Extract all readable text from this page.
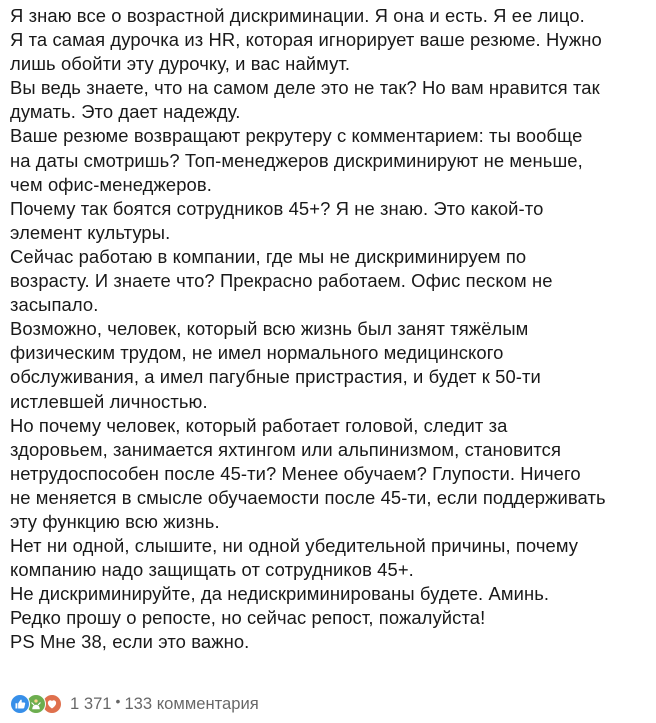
Я знаю все о возрастной дискриминации. Я она и есть. Я ее лицо.
Я та самая дурочка из HR, которая игнорирует ваше резюме. Нужно
лишь обойти эту дурочку, и вас наймут.
Вы ведь знаете, что на самом деле это не так? Но вам нравится так
думать. Это дает надежду.
Ваше резюме возвращают рекрутеру с комментарием: ты вообще
на даты смотришь? Топ-менеджеров дискриминируют не меньше,
чем офис-менеджеров.
Почему так боятся сотрудников 45+? Я не знаю. Это какой-то
элемент культуры.
Сейчас работаю в компании, где мы не дискриминируем по
возрасту. И знаете что? Прекрасно работаем. Офис песком не
засыпало.
Возможно, человек, который всю жизнь был занят тяжёлым
физическим трудом, не имел нормального медицинского
обслуживания, а имел пагубные пристрастия, и будет к 50-ти
истлевшей личностью.
Но почему человек, который работает головой, следит за
здоровьем, занимается яхтингом или альпинизмом, становится
нетрудоспособен после 45-ти? Менее обучаем? Глупости. Ничего
не меняется в смысле обучаемости после 45-ти, если поддерживать
эту функцию всю жизнь.
Нет ни одной, слышите, ни одной убедительной причины, почему
компанию надо защищать от сотрудников 45+.
Не дискриминируйте, да недискриминированы будете. Аминь.
Редко прошу о репосте, но сейчас репост, пожалуйста!
PS Мне 38, если это важно.
1 371 • 133 комментария
